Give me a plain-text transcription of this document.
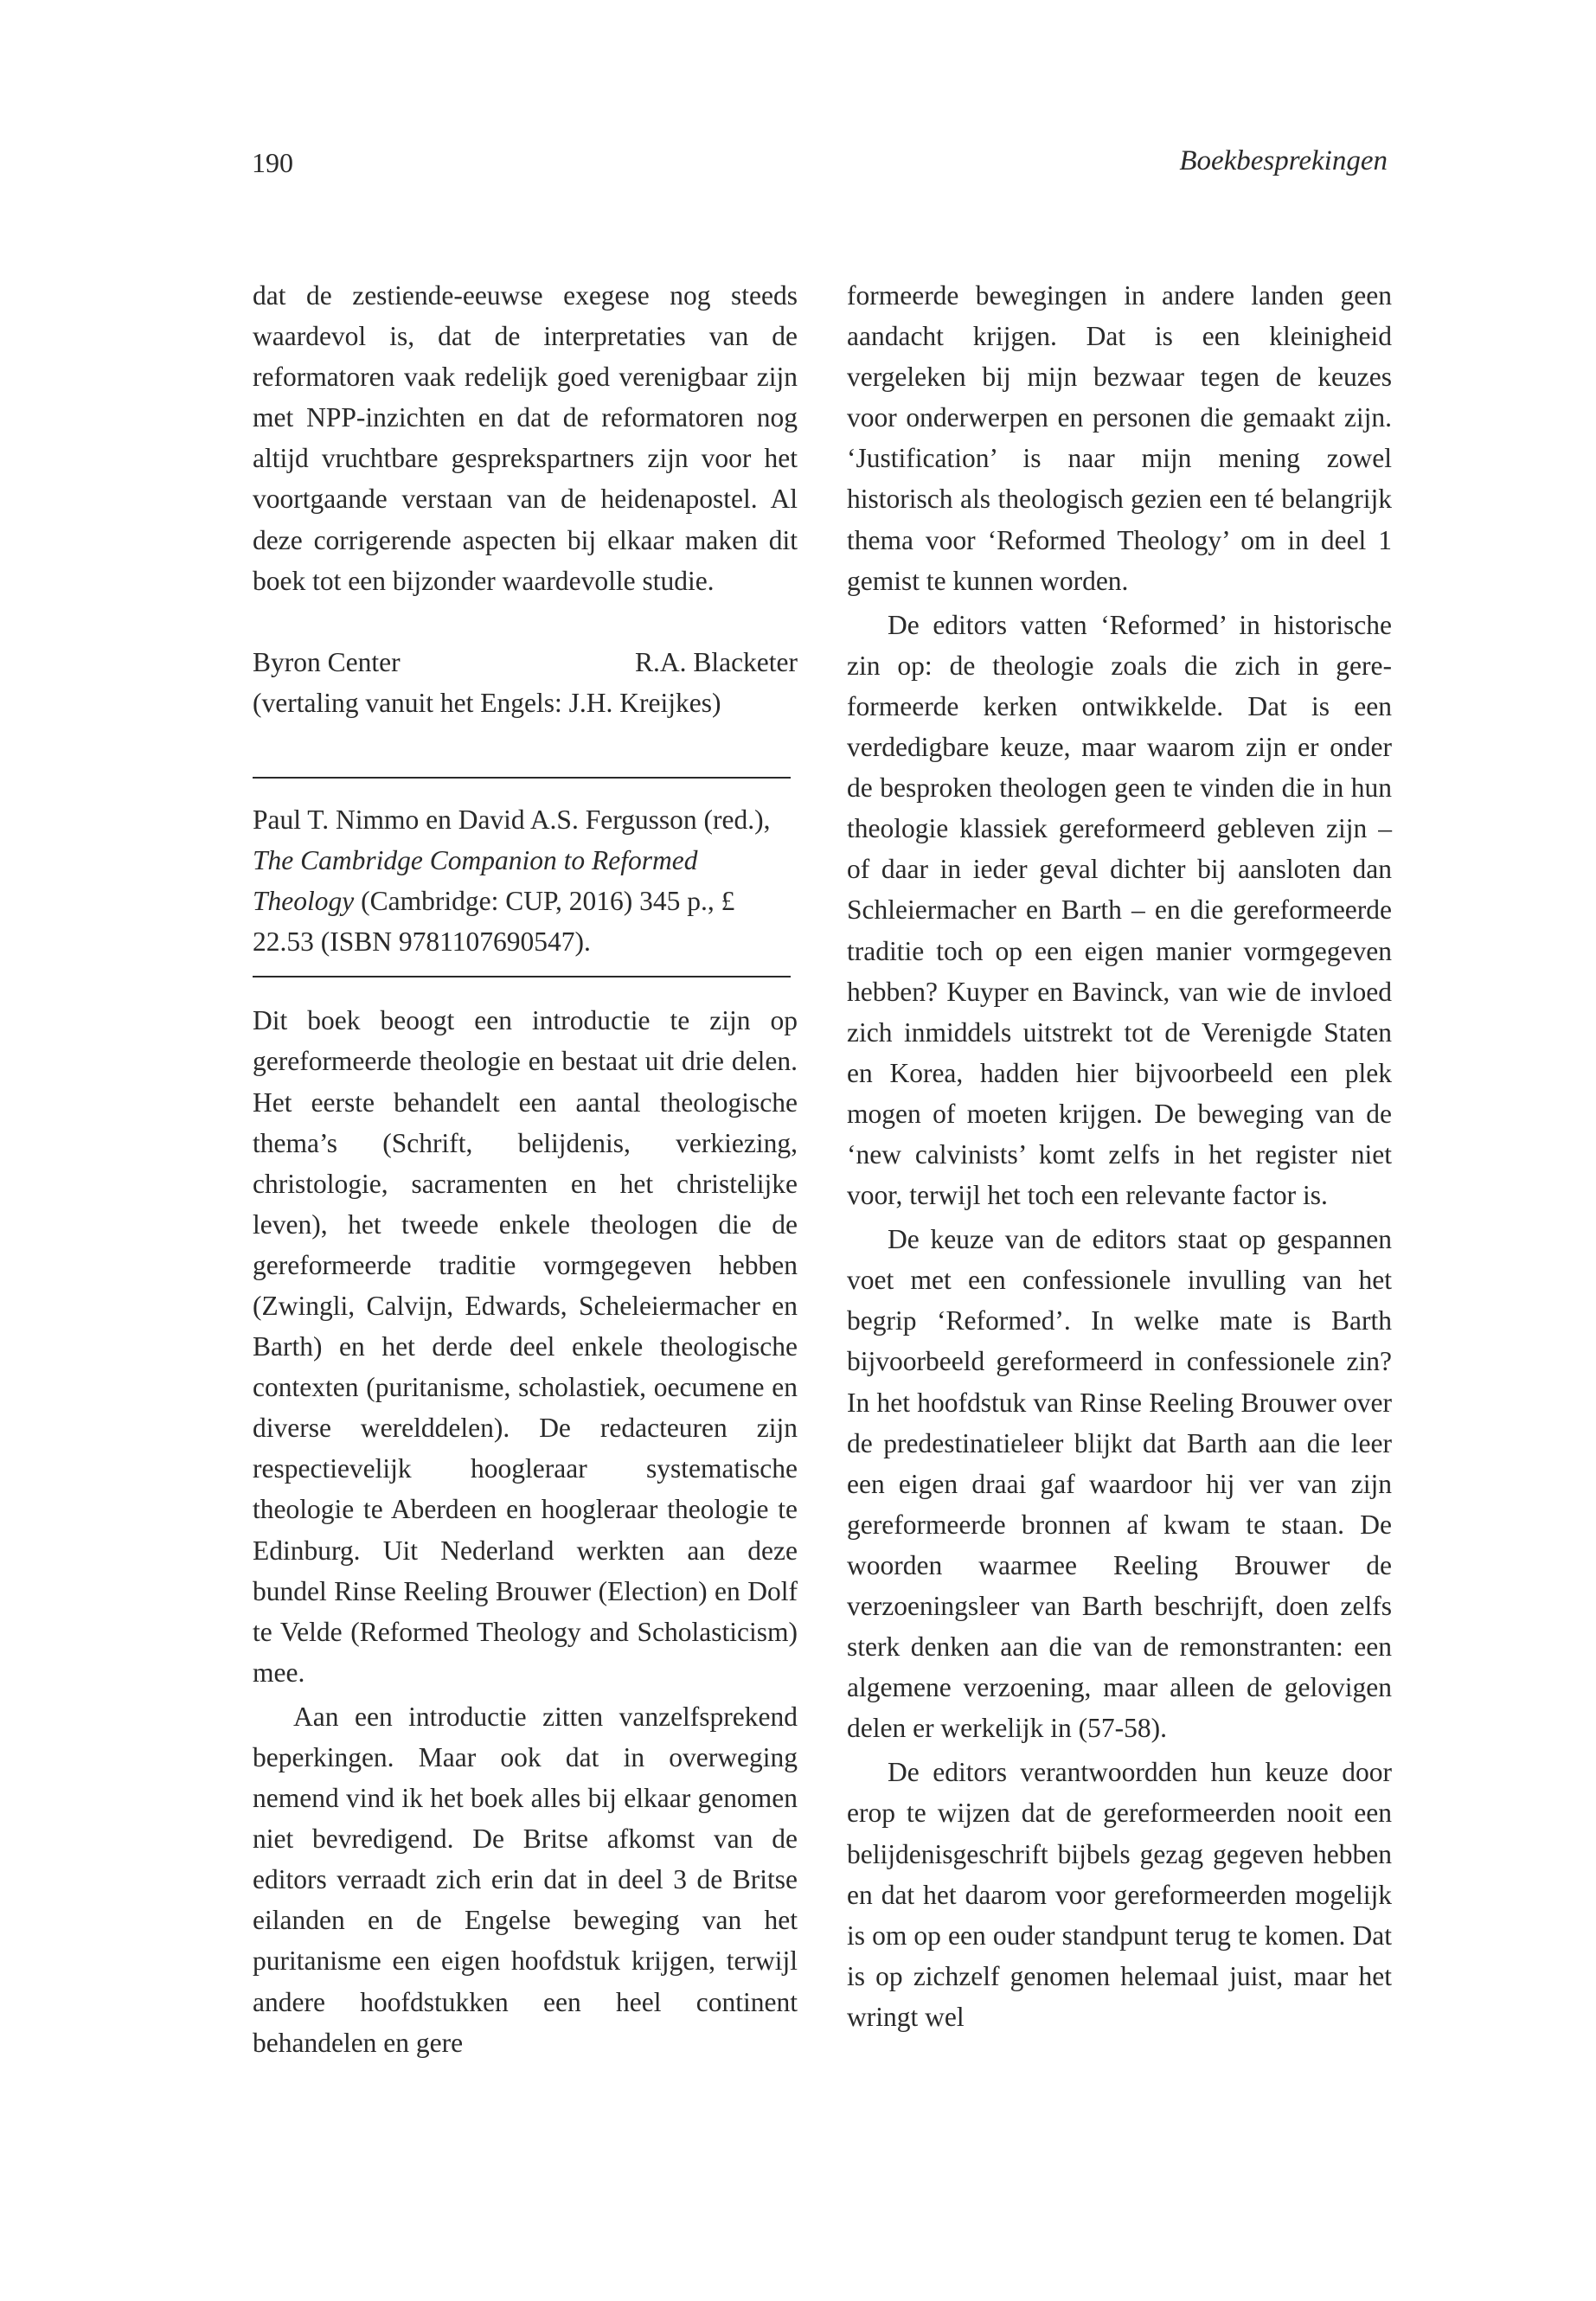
190	Boekbesprekingen

dat de zestiende-eeuwse exegese nog steeds waardevol is, dat de interpretaties van de reformatoren vaak redelijk goed verenigbaar zijn met NPP-inzichten en dat de reformatoren nog altijd vruchtbare gesprekspartners zijn voor het voortgaande verstaan van de heidenapostel. Al deze corrigerende aspecten bij elkaar maken dit boek tot een bijzonder waardevolle studie.

Byron Center	R.A. Blacketer

(vertaling vanuit het Engels: J.H. Kreijkes)

Paul T. Nimmo en David A.S. Fergusson (red.), The Cambridge Companion to Reformed Theology (Cambridge: CUP, 2016) 345 p., £ 22.53 (ISBN 9781107690547).

Dit boek beoogt een introductie te zijn op gereformeerde theologie en bestaat uit drie delen. Het eerste behandelt een aantal theologische thema’s (Schrift, belijdenis, verkiezing, christologie, sacramenten en het christelijke leven), het tweede enkele theologen die de gereformeerde traditie vormgegeven hebben (Zwingli, Calvijn, Edwards, Scheleiermacher en Barth) en het derde deel enkele theologische contexten (puritanisme, scholastiek, oecumene en diverse werelddelen). De redacteuren zijn respectievelijk hoogleraar systematische theologie te Aberdeen en hoogleraar theologie te Edinburg. Uit Nederland werkten aan deze bundel Rinse Reeling Brouwer (Election) en Dolf te Velde (Reformed Theology and Scholasticism) mee.

Aan een introductie zitten vanzelfsprekend beperkingen. Maar ook dat in overweging nemend vind ik het boek alles bij elkaar genomen niet bevredigend. De Britse afkomst van de editors verraadt zich erin dat in deel 3 de Britse eilanden en de Engelse beweging van het puritanisme een eigen hoofdstuk krijgen, terwijl andere hoofdstukken een heel continent behandelen en gere

formeerde bewegingen in andere landen geen aandacht krijgen. Dat is een kleinigheid vergeleken bij mijn bezwaar tegen de keuzes voor onderwerpen en personen die gemaakt zijn. ‘Justification’ is naar mijn mening zowel historisch als theologisch gezien een té belangrijk thema voor ‘Reformed Theology’ om in deel 1 gemist te kunnen worden.

De editors vatten ‘Reformed’ in historische zin op: de theologie zoals die zich in gereformeerde kerken ontwikkelde. Dat is een verdedigbare keuze, maar waarom zijn er onder de besproken theologen geen te vinden die in hun theologie klassiek gereformeerd gebleven zijn – of daar in ieder geval dichter bij aansloten dan Schleiermacher en Barth – en die gereformeerde traditie toch op een eigen manier vormgegeven hebben? Kuyper en Bavinck, van wie de invloed zich inmiddels uitstrekt tot de Verenigde Staten en Korea, hadden hier bijvoorbeeld een plek mogen of moeten krijgen. De beweging van de ‘new calvinists’ komt zelfs in het register niet voor, terwijl het toch een relevante factor is.

De keuze van de editors staat op gespannen voet met een confessionele invulling van het begrip ‘Reformed’. In welke mate is Barth bijvoorbeeld gereformeerd in confessionele zin? In het hoofdstuk van Rinse Reeling Brouwer over de predestinatieleer blijkt dat Barth aan die leer een eigen draai gaf waardoor hij ver van zijn gereformeerde bronnen af kwam te staan. De woorden waarmee Reeling Brouwer de verzoeningsleer van Barth beschrijft, doen zelfs sterk denken aan die van de remonstranten: een algemene verzoening, maar alleen de gelovigen delen er werkelijk in (57-58).

De editors verantwoordden hun keuze door erop te wijzen dat de gereformeerden nooit een belijdenisgeschrift bijbels gezag gegeven hebben en dat het daarom voor gereformeerden mogelijk is om op een ouder standpunt terug te komen. Dat is op zichzelf genomen helemaal juist, maar het wringt wel
